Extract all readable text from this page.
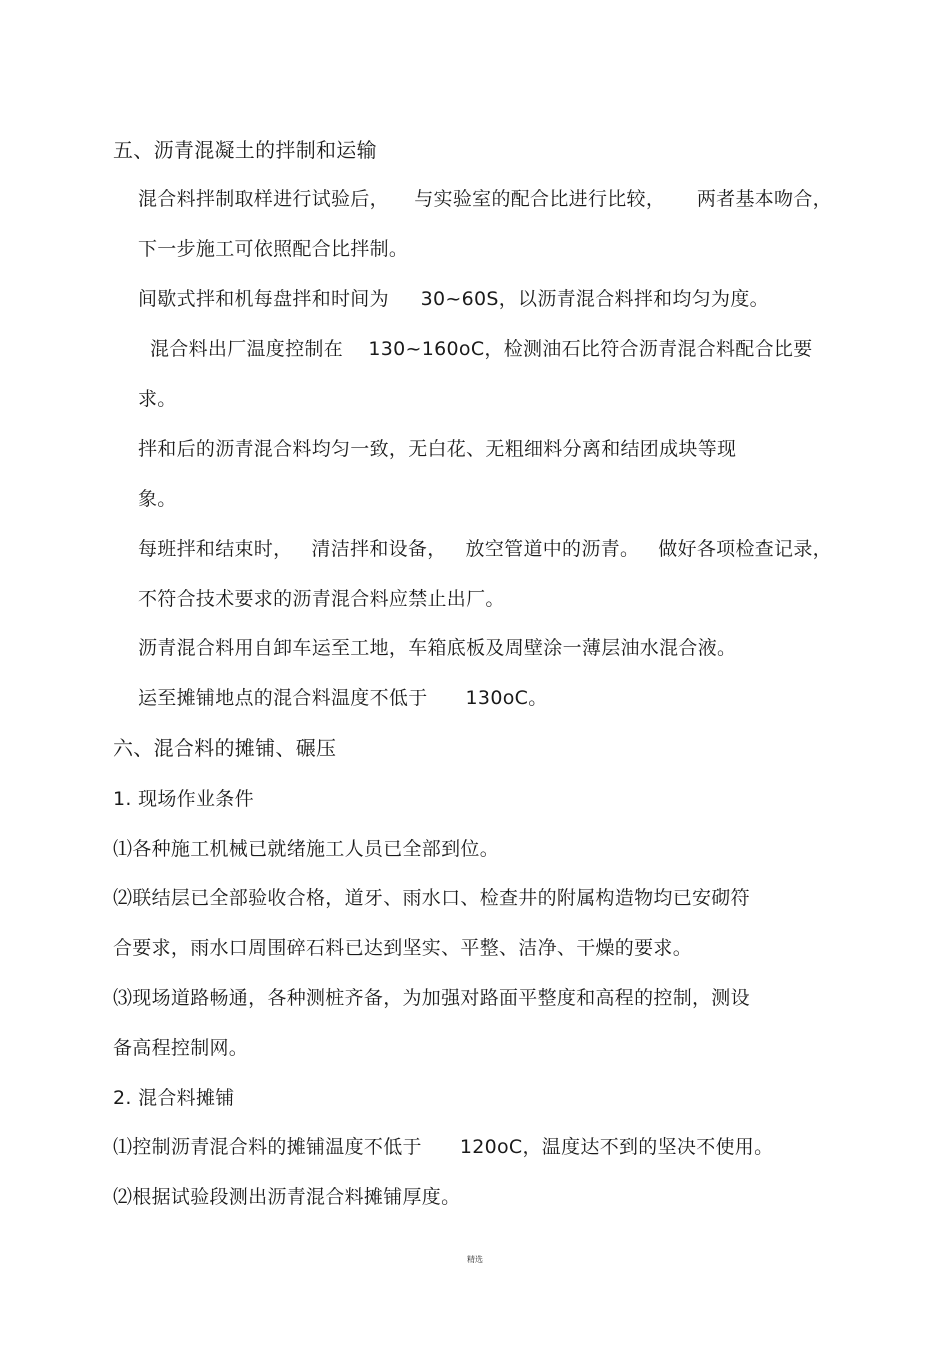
五、沥青混凝土的拌制和运输
混合料拌制取样进行试验后，    与实验室的配合比进行比较，     两者基本吻合，
下一步施工可依照配合比拌制。
间歇式拌和机每盘拌和时间为     30~60S，以沥青混合料拌和均匀为度。
混合料出厂温度控制在    130~160oC，检测油石比符合沥青混合料配合比要
求。
拌和后的沥青混合料均匀一致，无白花、无粗细料分离和结团成块等现
象。
每班拌和结束时，   清洁拌和设备，   放空管道中的沥青。   做好各项检查记录，
不符合技术要求的沥青混合料应禁止出厂。
沥青混合料用自卸车运至工地，车箱底板及周壁涂一薄层油水混合液。
运至摊铺地点的混合料温度不低于      130oC。
六、混合料的摊铺、碾压
1. 现场作业条件
⑴各种施工机械已就绪施工人员已全部到位。
⑵联结层已全部验收合格，道牙、雨水口、检查井的附属构造物均已安砌符
合要求，雨水口周围碎石料已达到坚实、平整、洁净、干燥的要求。
⑶现场道路畅通，各种测桩齐备，为加强对路面平整度和高程的控制，测设
备高程控制网。
2. 混合料摊铺
⑴控制沥青混合料的摊铺温度不低于      120oC，温度达不到的坚决不使用。
⑵根据试验段测出沥青混合料摊铺厚度。
精选
